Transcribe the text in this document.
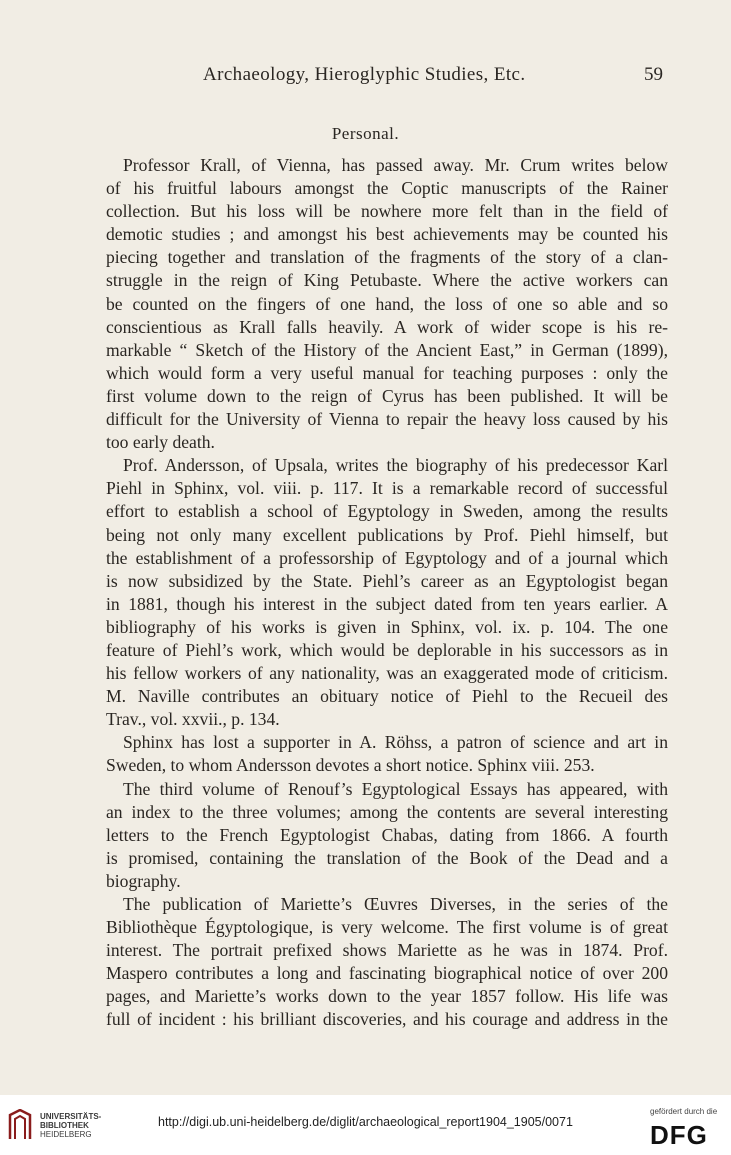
Archaeology, Hieroglyphic Studies, Etc.	59
Personal.
Professor Krall, of Vienna, has passed away. Mr. Crum writes below
of his fruitful labours amongst the Coptic manuscripts of the Rainer
collection. But his loss will be nowhere more felt than in the field of
demotic studies ; and amongst his best achievements may be counted his
piecing together and translation of the fragments of the story of a clan-
struggle in the reign of King Petubaste. Where the active workers can
be counted on the fingers of one hand, the loss of one so able and so
conscientious as Krall falls heavily. A work of wider scope is his re-
markable “ Sketch of the History of the Ancient East,” in German (1899),
which would form a very useful manual for teaching purposes : only the
first volume down to the reign of Cyrus has been published. It will be
difficult for the University of Vienna to repair the heavy loss caused by his
too early death.
Prof. Andersson, of Upsala, writes the biography of his predecessor Karl
Piehl in Sphinx, vol. viii. p. 117. It is a remarkable record of successful
effort to establish a school of Egyptology in Sweden, among the results
being not only many excellent publications by Prof. Piehl himself, but
the establishment of a professorship of Egyptology and of a journal which
is now subsidized by the State. Piehl’s career as an Egyptologist began
in 1881, though his interest in the subject dated from ten years earlier. A
bibliography of his works is given in Sphinx, vol. ix. p. 104. The one
feature of Piehl’s work, which would be deplorable in his successors as in
his fellow workers of any nationality, was an exaggerated mode of criticism.
M. Naville contributes an obituary notice of Piehl to the Recueil des
Trav., vol. xxvii., p. 134.
Sphinx has lost a supporter in A. Röhss, a patron of science and art in
Sweden, to whom Andersson devotes a short notice. Sphinx viii. 253.
The third volume of Renouf’s Egyptological Essays has appeared, with
an index to the three volumes; among the contents are several interesting
letters to the French Egyptologist Chabas, dating from 1866. A fourth
is promised, containing the translation of the Book of the Dead and a
biography.
The publication of Mariette’s Œuvres Diverses, in the series of the
Bibliothèque Égyptologique, is very welcome. The first volume is of great
interest. The portrait prefixed shows Mariette as he was in 1874. Prof.
Maspero contributes a long and fascinating biographical notice of over 200
pages, and Mariette’s works down to the year 1857 follow. His life was
full of incident : his brilliant discoveries, and his courage and address in the
UNIVERSITÄTS-
BIBLIOTHEK
HEIDELBERG
http://digi.ub.uni-heidelberg.de/diglit/archaeological_report1904_1905/0071
gefördert durch die
DFG
